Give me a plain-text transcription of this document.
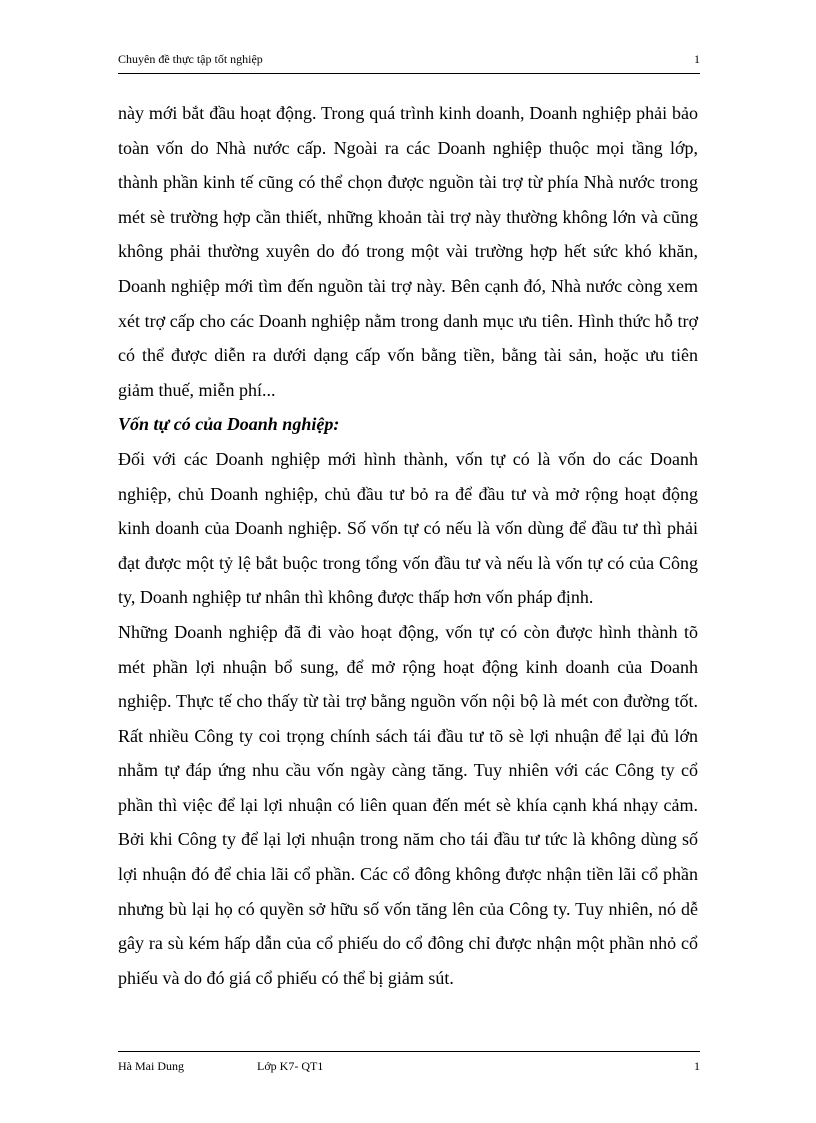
Chuyên đề thực tập tốt nghiệp	1

này mới bắt đầu hoạt động. Trong quá trình kinh doanh, Doanh nghiệp phải bảo toàn vốn do Nhà nước cấp. Ngoài ra các Doanh nghiệp thuộc mọi tầng lớp, thành phần kinh tế cũng có thể chọn được nguồn tài trợ từ phía Nhà nước trong mét sè trường hợp cần thiết, những khoản tài trợ này thường không lớn và cũng không phải thường xuyên do đó trong một vài trường hợp hết sức khó khăn, Doanh nghiệp mới tìm đến nguồn tài trợ này. Bên cạnh đó, Nhà nước còng xem xét trợ cấp cho các Doanh nghiệp nằm trong danh mục ưu tiên. Hình thức hỗ trợ có thể được diễn ra dưới dạng cấp vốn bằng tiền, bằng tài sản, hoặc ưu tiên giảm thuế, miễn phí...

Vốn tự có của Doanh nghiệp:

Đối với các Doanh nghiệp mới hình thành, vốn tự có là vốn do các Doanh nghiệp, chủ Doanh nghiệp, chủ đầu tư bỏ ra để đầu tư và mở rộng hoạt động kinh doanh của Doanh nghiệp. Số vốn tự có nếu là vốn dùng để đầu tư thì phải đạt được một tỷ lệ bắt buộc trong tổng vốn đầu tư và nếu là vốn tự có của Công ty, Doanh nghiệp tư nhân thì không được thấp hơn vốn pháp định.

Những Doanh nghiệp đã đi vào hoạt động, vốn tự có còn được hình thành tõ mét phần lợi nhuận bổ sung, để mở rộng hoạt động kinh doanh của Doanh nghiệp. Thực tế cho thấy từ tài trợ bằng nguồn vốn nội bộ là mét con đường tốt. Rất nhiều Công ty coi trọng chính sách tái đầu tư tõ sè lợi nhuận để lại đủ lớn nhằm tự đáp ứng nhu cầu vốn ngày càng tăng. Tuy nhiên với các Công ty cổ phần thì việc để lại lợi nhuận có liên quan đến mét sè khía cạnh khá nhạy cảm. Bởi khi Công ty để lại lợi nhuận trong năm cho tái đầu tư tức là không dùng số lợi nhuận đó để chia lãi cổ phần. Các cổ đông không được nhận tiền lãi cổ phần nhưng bù lại họ có quyền sở hữu số vốn tăng lên của Công ty. Tuy nhiên, nó dễ gây ra sù kém hấp dẫn của cổ phiếu do cổ đông chỉ được nhận một phần nhỏ cổ phiếu và do đó giá cổ phiếu có thể bị giảm sút.

Hà Mai Dung	Lớp K7- QT1	1
